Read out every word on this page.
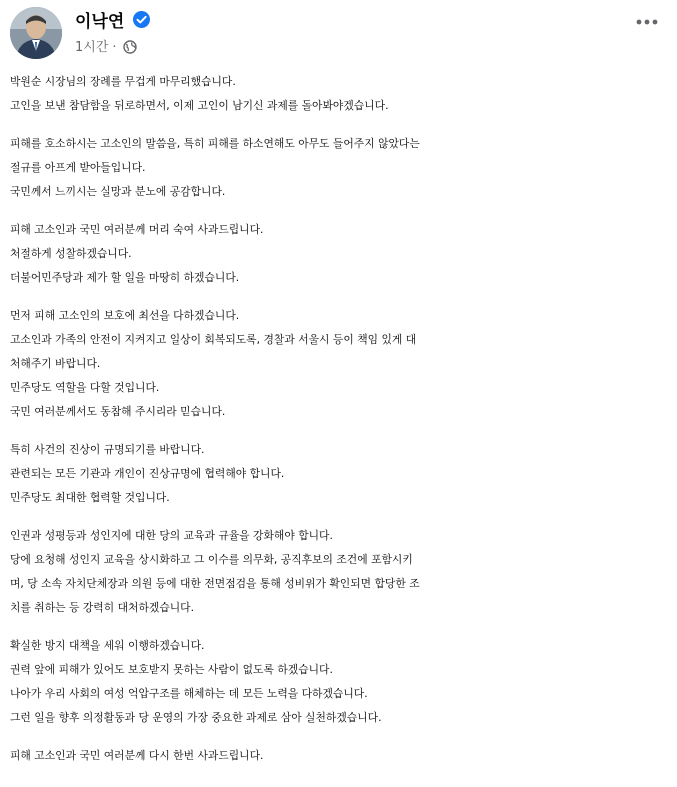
이낙연
1시간 ·
박원순 시장님의 장례를 무겁게 마무리했습니다.
고인을 보낸 참담함을 뒤로하면서, 이제 고인이 남기신 과제를 돌아봐야겠습니다.
피해를 호소하시는 고소인의 말씀을, 특히 피해를 하소연해도 아무도 들어주지 않았다는
절규를 아프게 받아들입니다.
국민께서 느끼시는 실망과 분노에 공감합니다.
피해 고소인과 국민 여러분께 머리 숙여 사과드립니다.
처절하게 성찰하겠습니다.
더불어민주당과 제가 할 일을 마땅히 하겠습니다.
먼저 피해 고소인의 보호에 최선을 다하겠습니다.
고소인과 가족의 안전이 지켜지고 일상이 회복되도록, 경찰과 서울시 등이 책임 있게 대
처해주기 바랍니다.
민주당도 역할을 다할 것입니다.
국민 여러분께서도 동참해 주시리라 믿습니다.
특히 사건의 진상이 규명되기를 바랍니다.
관련되는 모든 기관과 개인이 진상규명에 협력해야 합니다.
민주당도 최대한 협력할 것입니다.
인권과 성평등과 성인지에 대한 당의 교육과 규율을 강화해야 합니다.
당에 요청해 성인지 교육을 상시화하고 그 이수를 의무화, 공직후보의 조건에 포함시키
며, 당 소속 자치단체장과 의원 등에 대한 전면점검을 통해 성비위가 확인되면 합당한 조
치를 취하는 등 강력히 대처하겠습니다.
확실한 방지 대책을 세워 이행하겠습니다.
권력 앞에 피해가 있어도 보호받지 못하는 사람이 없도록 하겠습니다.
나아가 우리 사회의 여성 억압구조를 해체하는 데 모든 노력을 다하겠습니다.
그런 일을 향후 의정활동과 당 운영의 가장 중요한 과제로 삼아 실천하겠습니다.
피해 고소인과 국민 여러분께 다시 한번 사과드립니다.
